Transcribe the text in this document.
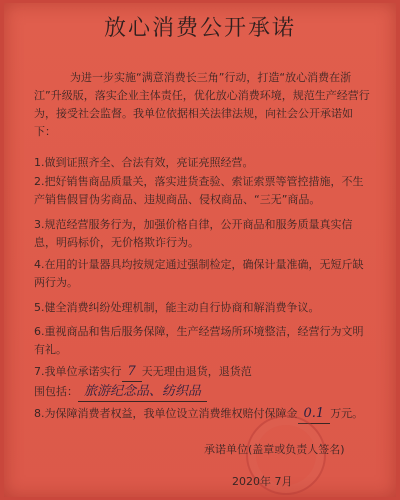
放心消费公开承诺
为进一步实施“满意消费长三角”行动，打造“放心消费在浙江”升级版，落实企业主体责任，优化放心消费环境，规范生产经营行为，接受社会监督。我单位依据相关法律法规，向社会公开承诺如下：
1.做到证照齐全、合法有效，亮证亮照经营。
2.把好销售商品质量关，落实进货查验、索证索票等管控措施，不生产销售假冒伪劣商品、违规商品、侵权商品、“三无”商品。
3.规范经营服务行为，加强价格自律，公开商品和服务质量真实信息，明码标价，无价格欺诈行为。
4.在用的计量器具均按规定通过强制检定，确保计量准确，无短斤缺两行为。
5.健全消费纠纷处理机制，能主动自行协商和解消费争议。
6.重视商品和售后服务保障，生产经营场所环境整洁，经营行为文明有礼。
7.我单位承诺实行 7 天无理由退货，退货范
围包括： 旅游纪念品、纺织品
8.为保障消费者权益，我单位设立消费维权赔付保障金 0.1 万元。
承诺单位(盖章或负责人签名)
2020年 7月
